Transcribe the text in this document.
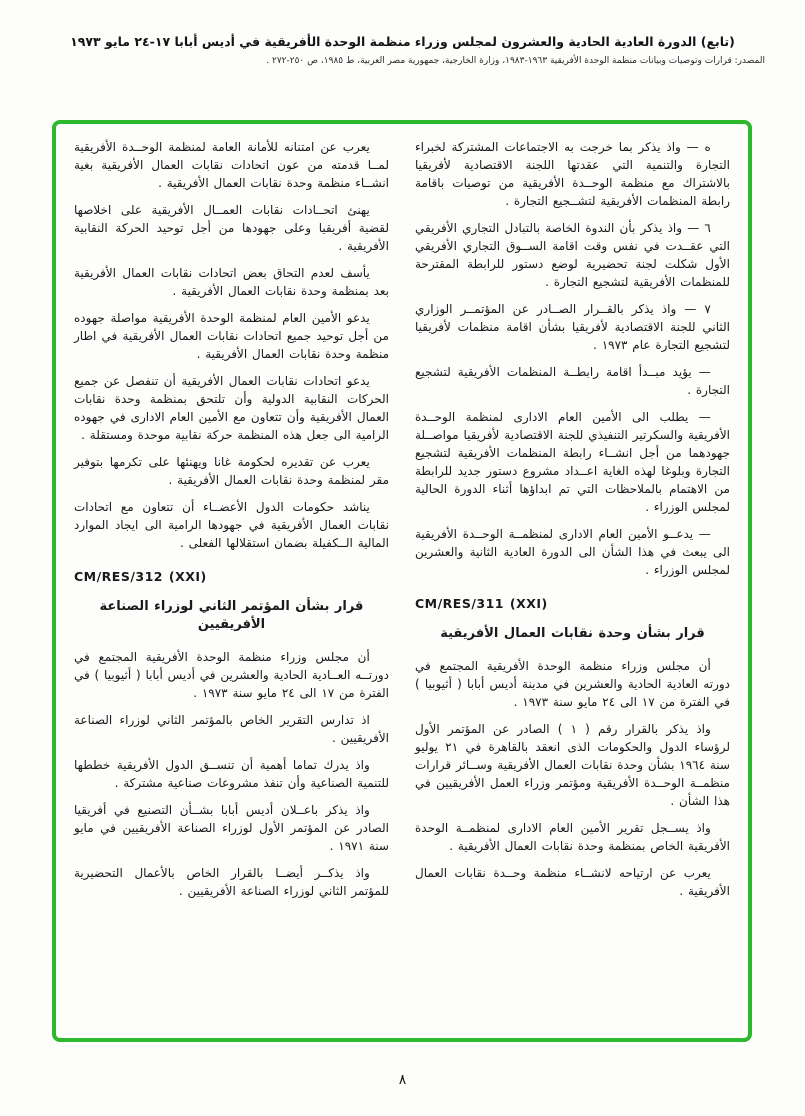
(تابع) الدورة العادية الحادية والعشرون لمجلس وزراء منظمة الوحدة الأفريقية في أديس أبابا ١٧-٢٤ مايو ١٩٧٣
المصدر: قرارات وتوصيات وبيانات منظمة الوحدة الأفريقية ١٩٦٣-١٩٨٣، وزارة الخارجية، جمهورية مصر العربية، ط ١٩٨٥، ص ٢٥٠-٢٧٢ .
ه — واذ يذكر بما خرجت به الاجتماعات المشتركة لخبراء التجارة والتنمية التي عقدتها اللجنة الاقتصادية لأفريقيا بالاشتراك مع منظمة الوحــدة الأفريقية من توصيات باقامة رابطة المنظمات الأفريقية لتشــجيع التجارة .
٦ — واذ يذكر بأن الندوة الخاصة بالتبادل التجاري الأفريقي التي عقــدت في نفس وقت اقامة الســوق التجاري الأفريقي الأول شكلت لجنة تحضيرية لوضع دستور للرابطة المقترحة للمنظمات الأفريقية لتشجيع التجارة .
٧ — واذ يذكر بالقــرار الصــادر عن المؤتمــر الوزاري الثاني للجنة الاقتصادية لأفريقيا بشأن اقامة منظمات لأفريقيا لتشجيع التجارة عام ١٩٧٣ .
— يؤيد مبــدأ اقامة رابطــة المنظمات الأفريقية لتشجيع التجارة .
— يطلب الى الأمين العام الادارى لمنظمة الوحــدة الأفريقية والسكرتير التنفيذي للجنة الاقتصادية لأفريقيا مواصــلة جهودهما من أجل انشــاء رابطة المنظمات الأفريقية لتشجيع التجارة وبلوغا لهذه الغاية اعــداد مشروع دستور جديد للرابطة من الاهتمام بالملاحظات التي تم ابداؤها أثناء الدورة الحالية لمجلس الوزراء .
— يدعــو الأمين العام الادارى لمنظمــة الوحــدة الأفريقية الى يبعث في هذا الشأن الى الدورة العادية الثانية والعشرين لمجلس الوزراء .
CM/RES/311 (XXI)
قرار بشأن وحدة نقابات العمال الأفريقية
أن مجلس وزراء منظمة الوحدة الأفريقية المجتمع في دورته العادية الحادية والعشرين في مدينة أديس أبابا ( أثيوبيا ) في الفترة من ١٧ الى ٢٤ مايو سنة ١٩٧٣ .
واذ يذكر بالقرار رقم ( ١ ) الصادر عن المؤتمر الأول لرؤساء الدول والحكومات الذى انعقد بالقاهرة في ٢١ يوليو سنة ١٩٦٤ بشأن وحدة نقابات العمال الأفريقية وســائر قرارات منظمــة الوحــدة الأفريقية ومؤتمر وزراء العمل الأفريقيين في هذا الشأن .
واذ يســجل تقرير الأمين العام الادارى لمنظمــة الوحدة الأفريقية الخاص بمنظمة وحدة نقابات العمال الأفريقية .
يعرب عن ارتياحه لانشــاء منظمة وحــدة نقابات العمال الأفريقية .
يعرب عن امتنانه للأمانة العامة لمنظمة الوحــدة الأفريقية لمــا قدمته من عون اتحادات نقابات العمال الأفريقية بغية انشــاء منظمة وحدة نقابات العمال الأفريقية .
يهنئ اتحــادات نقابات العمــال الأفريقية على اخلاصها لقضية أفريقيا وعلى جهودها من أجل توحيد الحركة النقابية الأفريقية .
يأسف لعدم التحاق بعض اتحادات نقابات العمال الأفريقية بعد بمنظمة وحدة نقابات العمال الأفريقية .
يدعو الأمين العام لمنظمة الوحدة الأفريقية مواصلة جهوده من أجل توحيد جميع اتحادات نقابات العمال الأفريقية في اطار منظمة وحدة نقابات العمال الأفريقية .
يدعو اتحادات نقابات العمال الأفريقية أن تنفصل عن جميع الحركات النقابية الدولية وأن تلتحق بمنظمة وحدة نقابات العمال الأفريقية وأن تتعاون مع الأمين العام الادارى في جهوده الرامية الى جعل هذه المنظمة حركة نقابية موحدة ومستقلة .
يعرب عن تقديره لحكومة غانا ويهنئها على تكرمها بتوفير مقر لمنظمة وحدة نقابات العمال الأفريقية .
يناشد حكومات الدول الأعضــاء أن تتعاون مع اتحادات نقابات العمال الأفريقية في جهودها الرامية الى ايجاد الموارد المالية الــكفيلة بضمان استقلالها الفعلى .
CM/RES/312 (XXI)
قرار بشأن المؤتمر الثاني لوزراء الصناعة الأفريقيين
أن مجلس وزراء منظمة الوحدة الأفريقية المجتمع في دورتــه العــادية الحادية والعشرين في أديس أبابا ( أثيوبيا ) في الفترة من ١٧ الى ٢٤ مايو سنة ١٩٧٣ .
اذ تدارس التقرير الخاص بالمؤتمر الثاني لوزراء الصناعة الأفريقيين .
واذ يدرك تماما أهمية أن تنســق الدول الأفريقية خططها للتنمية الصناعية وأن تنفذ مشروعات صناعية مشتركة .
واذ يذكر باعــلان أديس أبابا بشــأن التصنيع في أفريقيا الصادر عن المؤتمر الأول لوزراء الصناعة الأفريقيين في مايو سنة ١٩٧١ .
واذ يذكــر أيضــا بالقرار الخاص بالأعمال التحضيرية للمؤتمر الثاني لوزراء الصناعة الأفريقيين .
٨
